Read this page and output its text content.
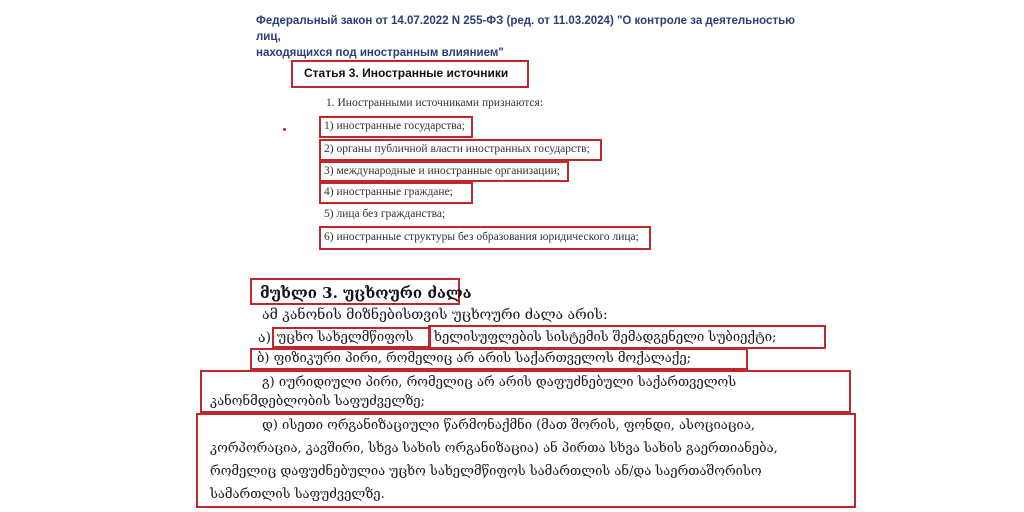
Федеральный закон от 14.07.2022 N 255-ФЗ (ред. от 11.03.2024) "О контроле за деятельностью лиц,
находящихся под иностранным влиянием"
Статья 3. Иностранные источники
1. Иностранными источниками признаются:
1) иностранные государства;
2) органы публичной власти иностранных государств;
3) международные и иностранные организации;
4) иностранные граждане;
5) лица без гражданства;
6) иностранные структуры без образования юридического лица;
მუხლი 3. უცხოური ძალა
ამ კანონის მიზნებისთვის უცხოური ძალა არის:
ა) უცხო სახელმწიფოს ხელისუფლების სისტემის შემადგენელი სუბიექტი;
ბ) ფიზიკური პირი, რომელიც არ არის საქართველოს მოქალაქე;
გ) იურიდიული პირი, რომელიც არ არის დაფუძნებული საქართველოს
კანონმდებლობის საფუძველზე;
დ) ისეთი ორგანიზაციული წარმონაქმნი (მათ შორის, ფონდი, ასოციაცია,
კორპორაცია, კავშირი, სხვა სახის ორგანიზაცია) ან პირთა სხვა სახის გაერთიანება,
რომელიც დაფუძნებულია უცხო სახელმწიფოს სამართლის ან/და საერთაშორისო
სამართლის საფუძველზე.
